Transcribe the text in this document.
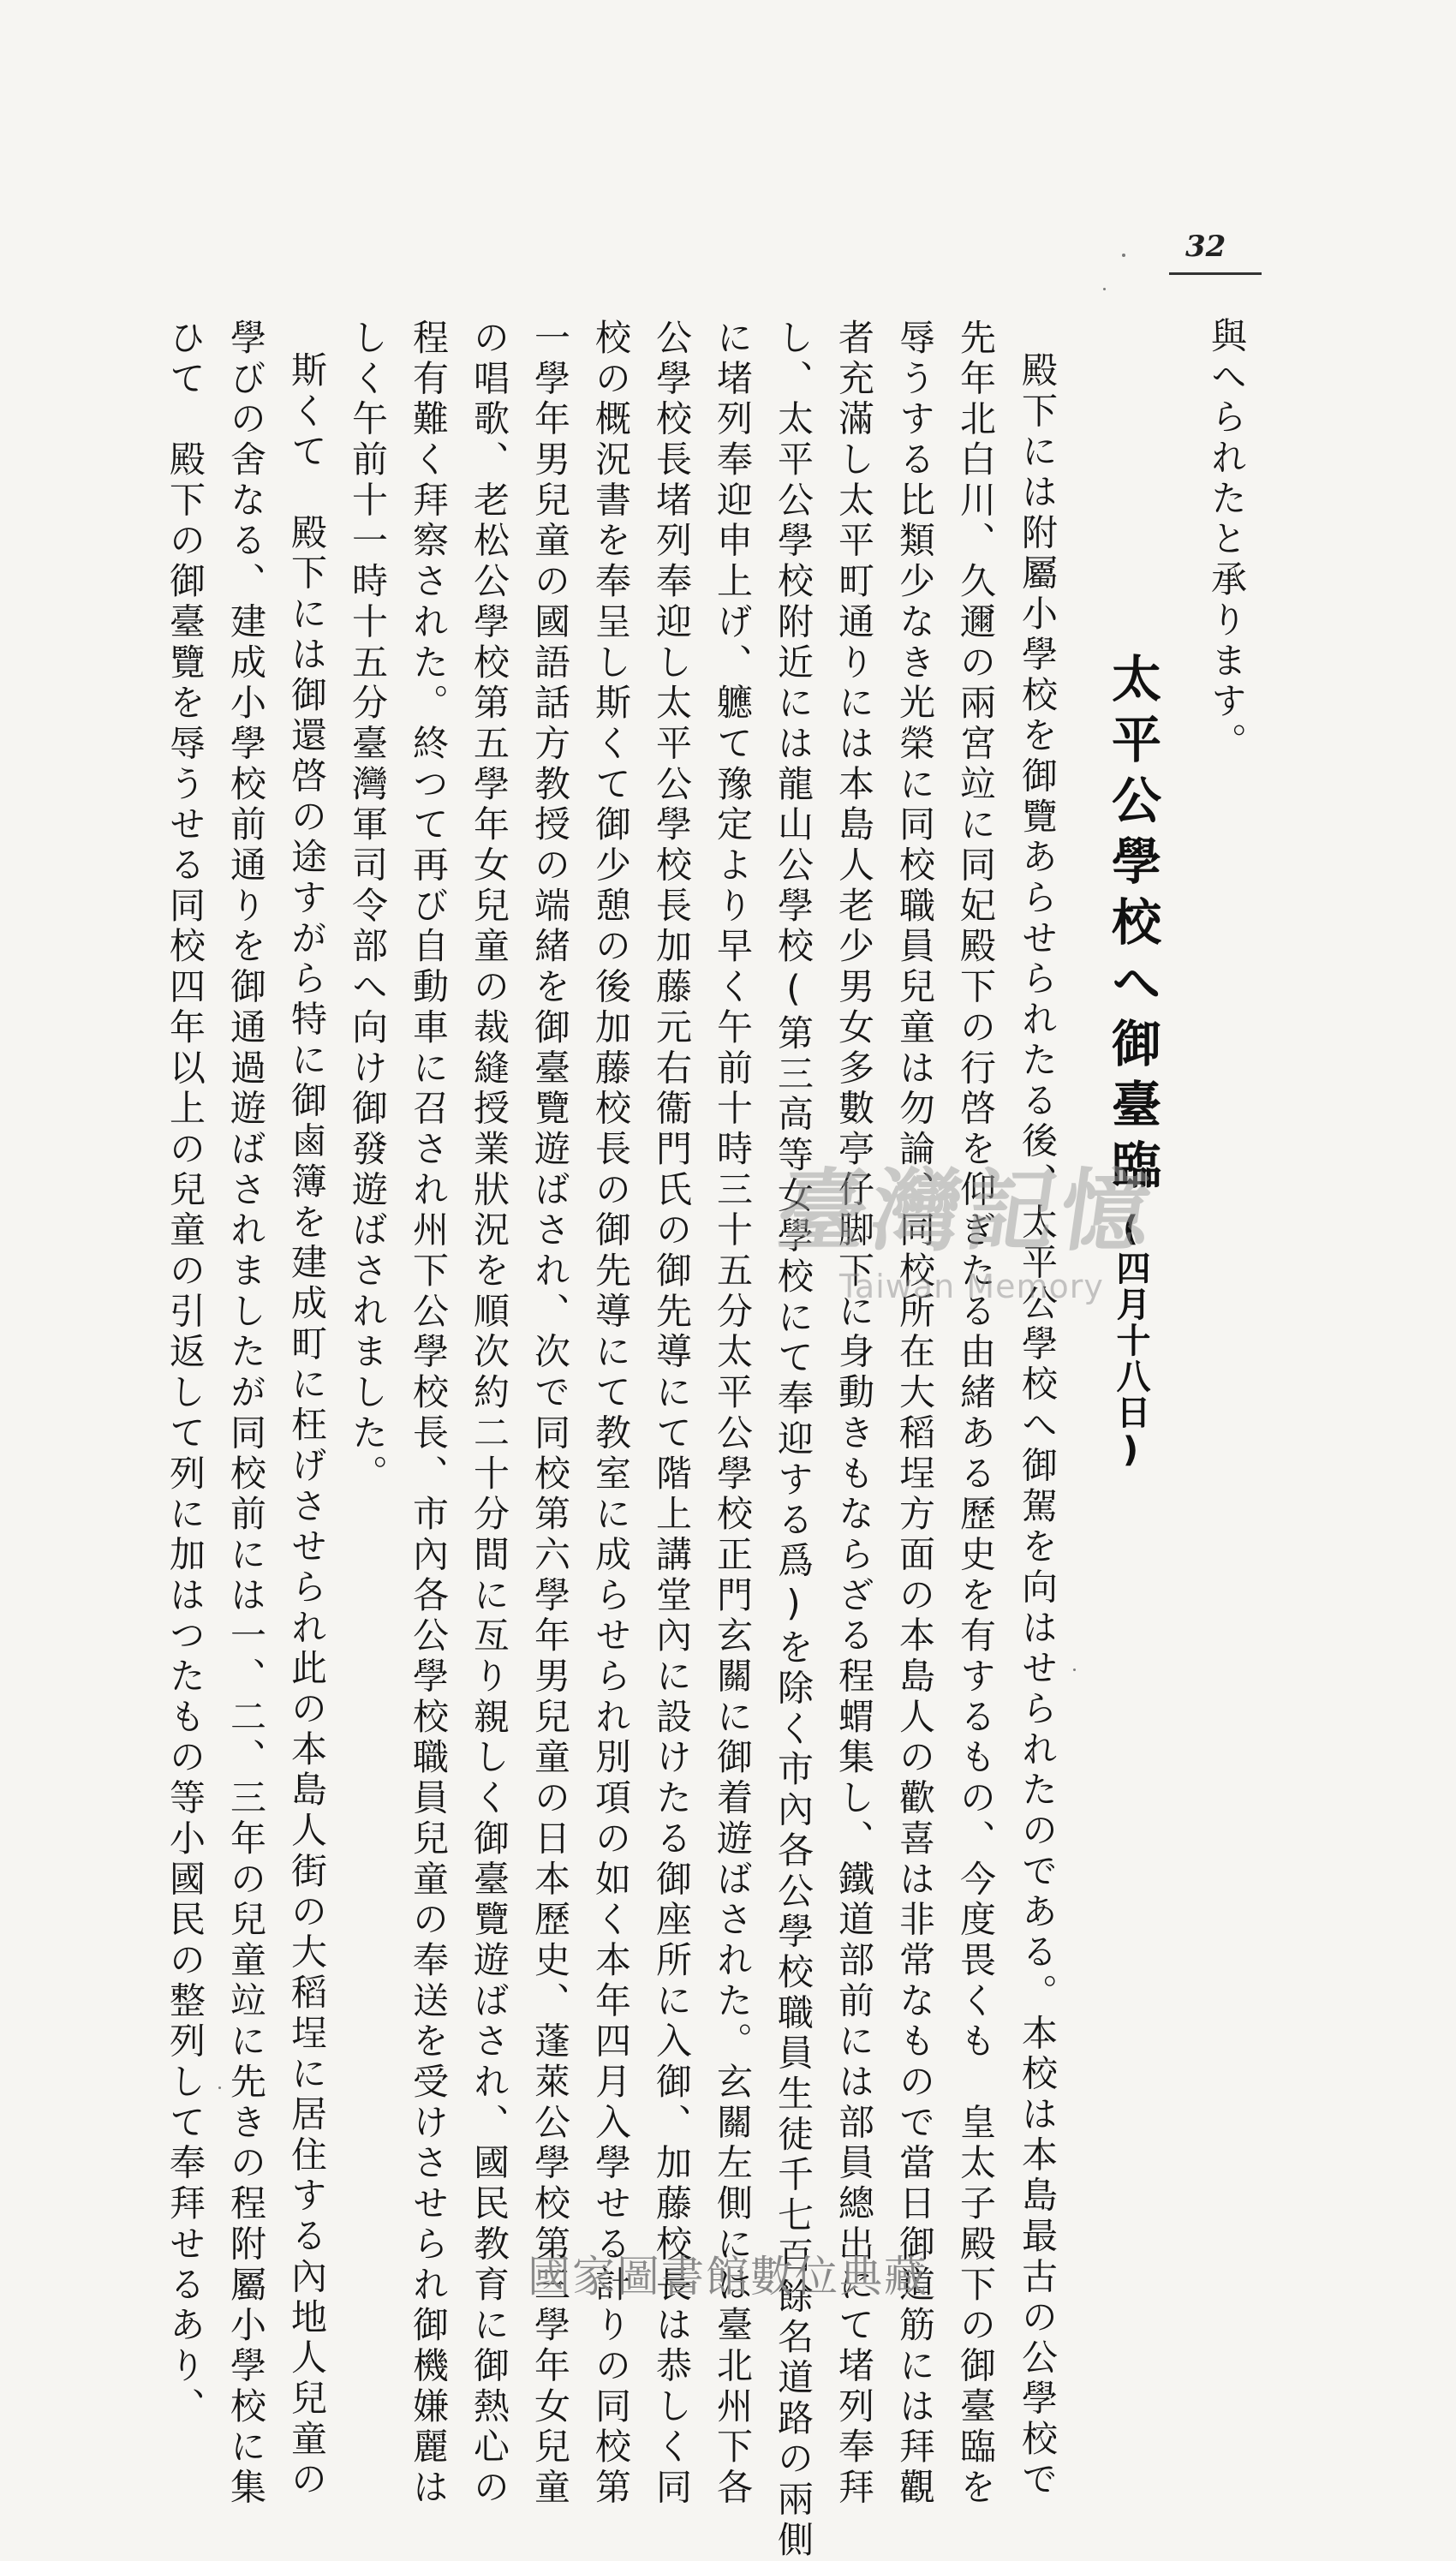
32
太平公學校へ御臺臨
(四月十八日)
與へられたと承ります。
殿下には附屬小學校を御覽あらせられたる後、太平公學校へ御駕を向はせられたのである。本校は本島最古の公學校で
先年北白川、久邇の兩宮竝に同妃殿下の行啓を仰ぎたる由緒ある歷史を有するもの、今度畏くも　皇太子殿下の御臺臨を
辱うする比類少なき光榮に同校職員兒童は勿論、同校所在大稻埕方面の本島人の歡喜は非常なもので當日御道筋には拜觀
者充滿し太平町通りには本島人老少男女多數亭仔脚下に身動きもならざる程蝟集し、鐵道部前には部員總出にて堵列奉拜
し、太平公學校附近には龍山公學校(第三高等女學校にて奉迎する爲)を除く市內各公學校職員生徒千七百餘名道路の兩側
に堵列奉迎申上げ、軈て豫定より早く午前十時三十五分太平公學校正門玄關に御着遊ばされた。玄關左側には臺北州下各
公學校長堵列奉迎し太平公學校長加藤元右衞門氏の御先導にて階上講堂內に設けたる御座所に入御、加藤校長は恭しく同
校の概況書を奉呈し斯くて御少憩の後加藤校長の御先導にて教室に成らせられ別項の如く本年四月入學せる計りの同校第
一學年男兒童の國語話方教授の端緒を御臺覽遊ばされ、次で同校第六學年男兒童の日本歷史、蓬萊公學校第三學年女兒童
の唱歌、老松公學校第五學年女兒童の裁縫授業狀況を順次約二十分間に亙り親しく御臺覽遊ばされ、國民教育に御熱心の
程有難く拜察された。終つて再び自動車に召され州下公學校長、市內各公學校職員兒童の奉送を受けさせられ御機嫌麗は
しく午前十一時十五分臺灣軍司令部へ向け御發遊ばされました。
斯くて　殿下には御還啓の途すがら特に御鹵簿を建成町に枉げさせられ此の本島人街の大稻埕に居住する內地人兒童の
學びの舍なる、建成小學校前通りを御通過遊ばされましたが同校前には一、二、三年の兒童竝に先きの程附屬小學校に集
ひて　殿下の御臺覽を辱うせる同校四年以上の兒童の引返して列に加はつたもの等小國民の整列して奉拜せるあり、	臺灣記憶
Taiwan Memory
國家圖書館數位典藏
